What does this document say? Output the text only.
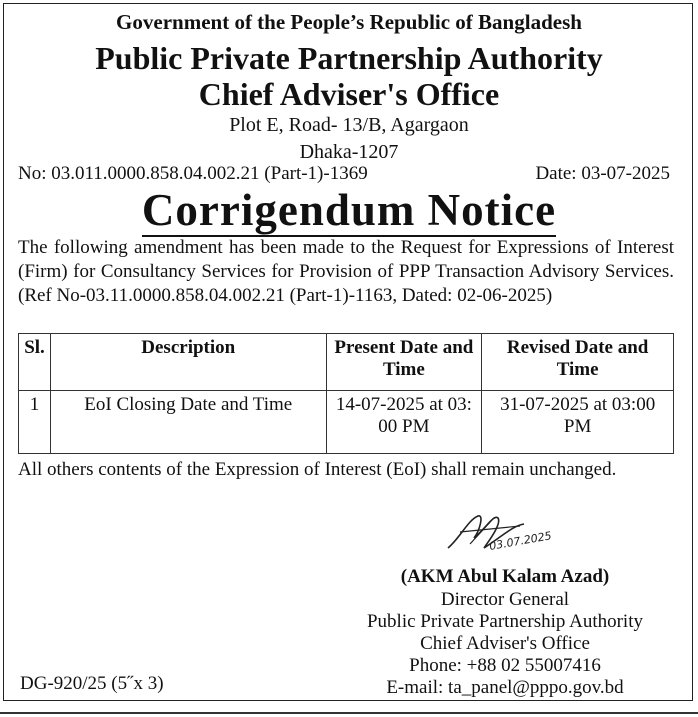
Government of the People’s Republic of Bangladesh
Public Private Partnership Authority
Chief Adviser's Office
Plot E, Road- 13/B, Agargaon
Dhaka-1207
No: 03.011.0000.858.04.002.21 (Part-1)-1369	Date: 03-07-2025
Corrigendum Notice
The following amendment has been made to the Request for Expressions of Interest (Firm) for Consultancy Services for Provision of PPP Transaction Advisory Services. (Ref No-03.11.0000.858.04.002.21 (Part-1)-1163, Dated: 02-06-2025)
Sl.	Description	Present Date and Time	Revised Date and Time
1	EoI Closing Date and Time	14-07-2025 at 03: 00 PM	31-07-2025 at 03:00 PM
All others contents of the Expression of Interest (EoI) shall remain unchanged.
03.07.2025
(AKM Abul Kalam Azad)
Director General
Public Private Partnership Authority
Chief Adviser's Office
Phone: +88 02 55007416
E-mail: ta_panel@pppo.gov.bd
DG-920/25 (5˝x 3)
